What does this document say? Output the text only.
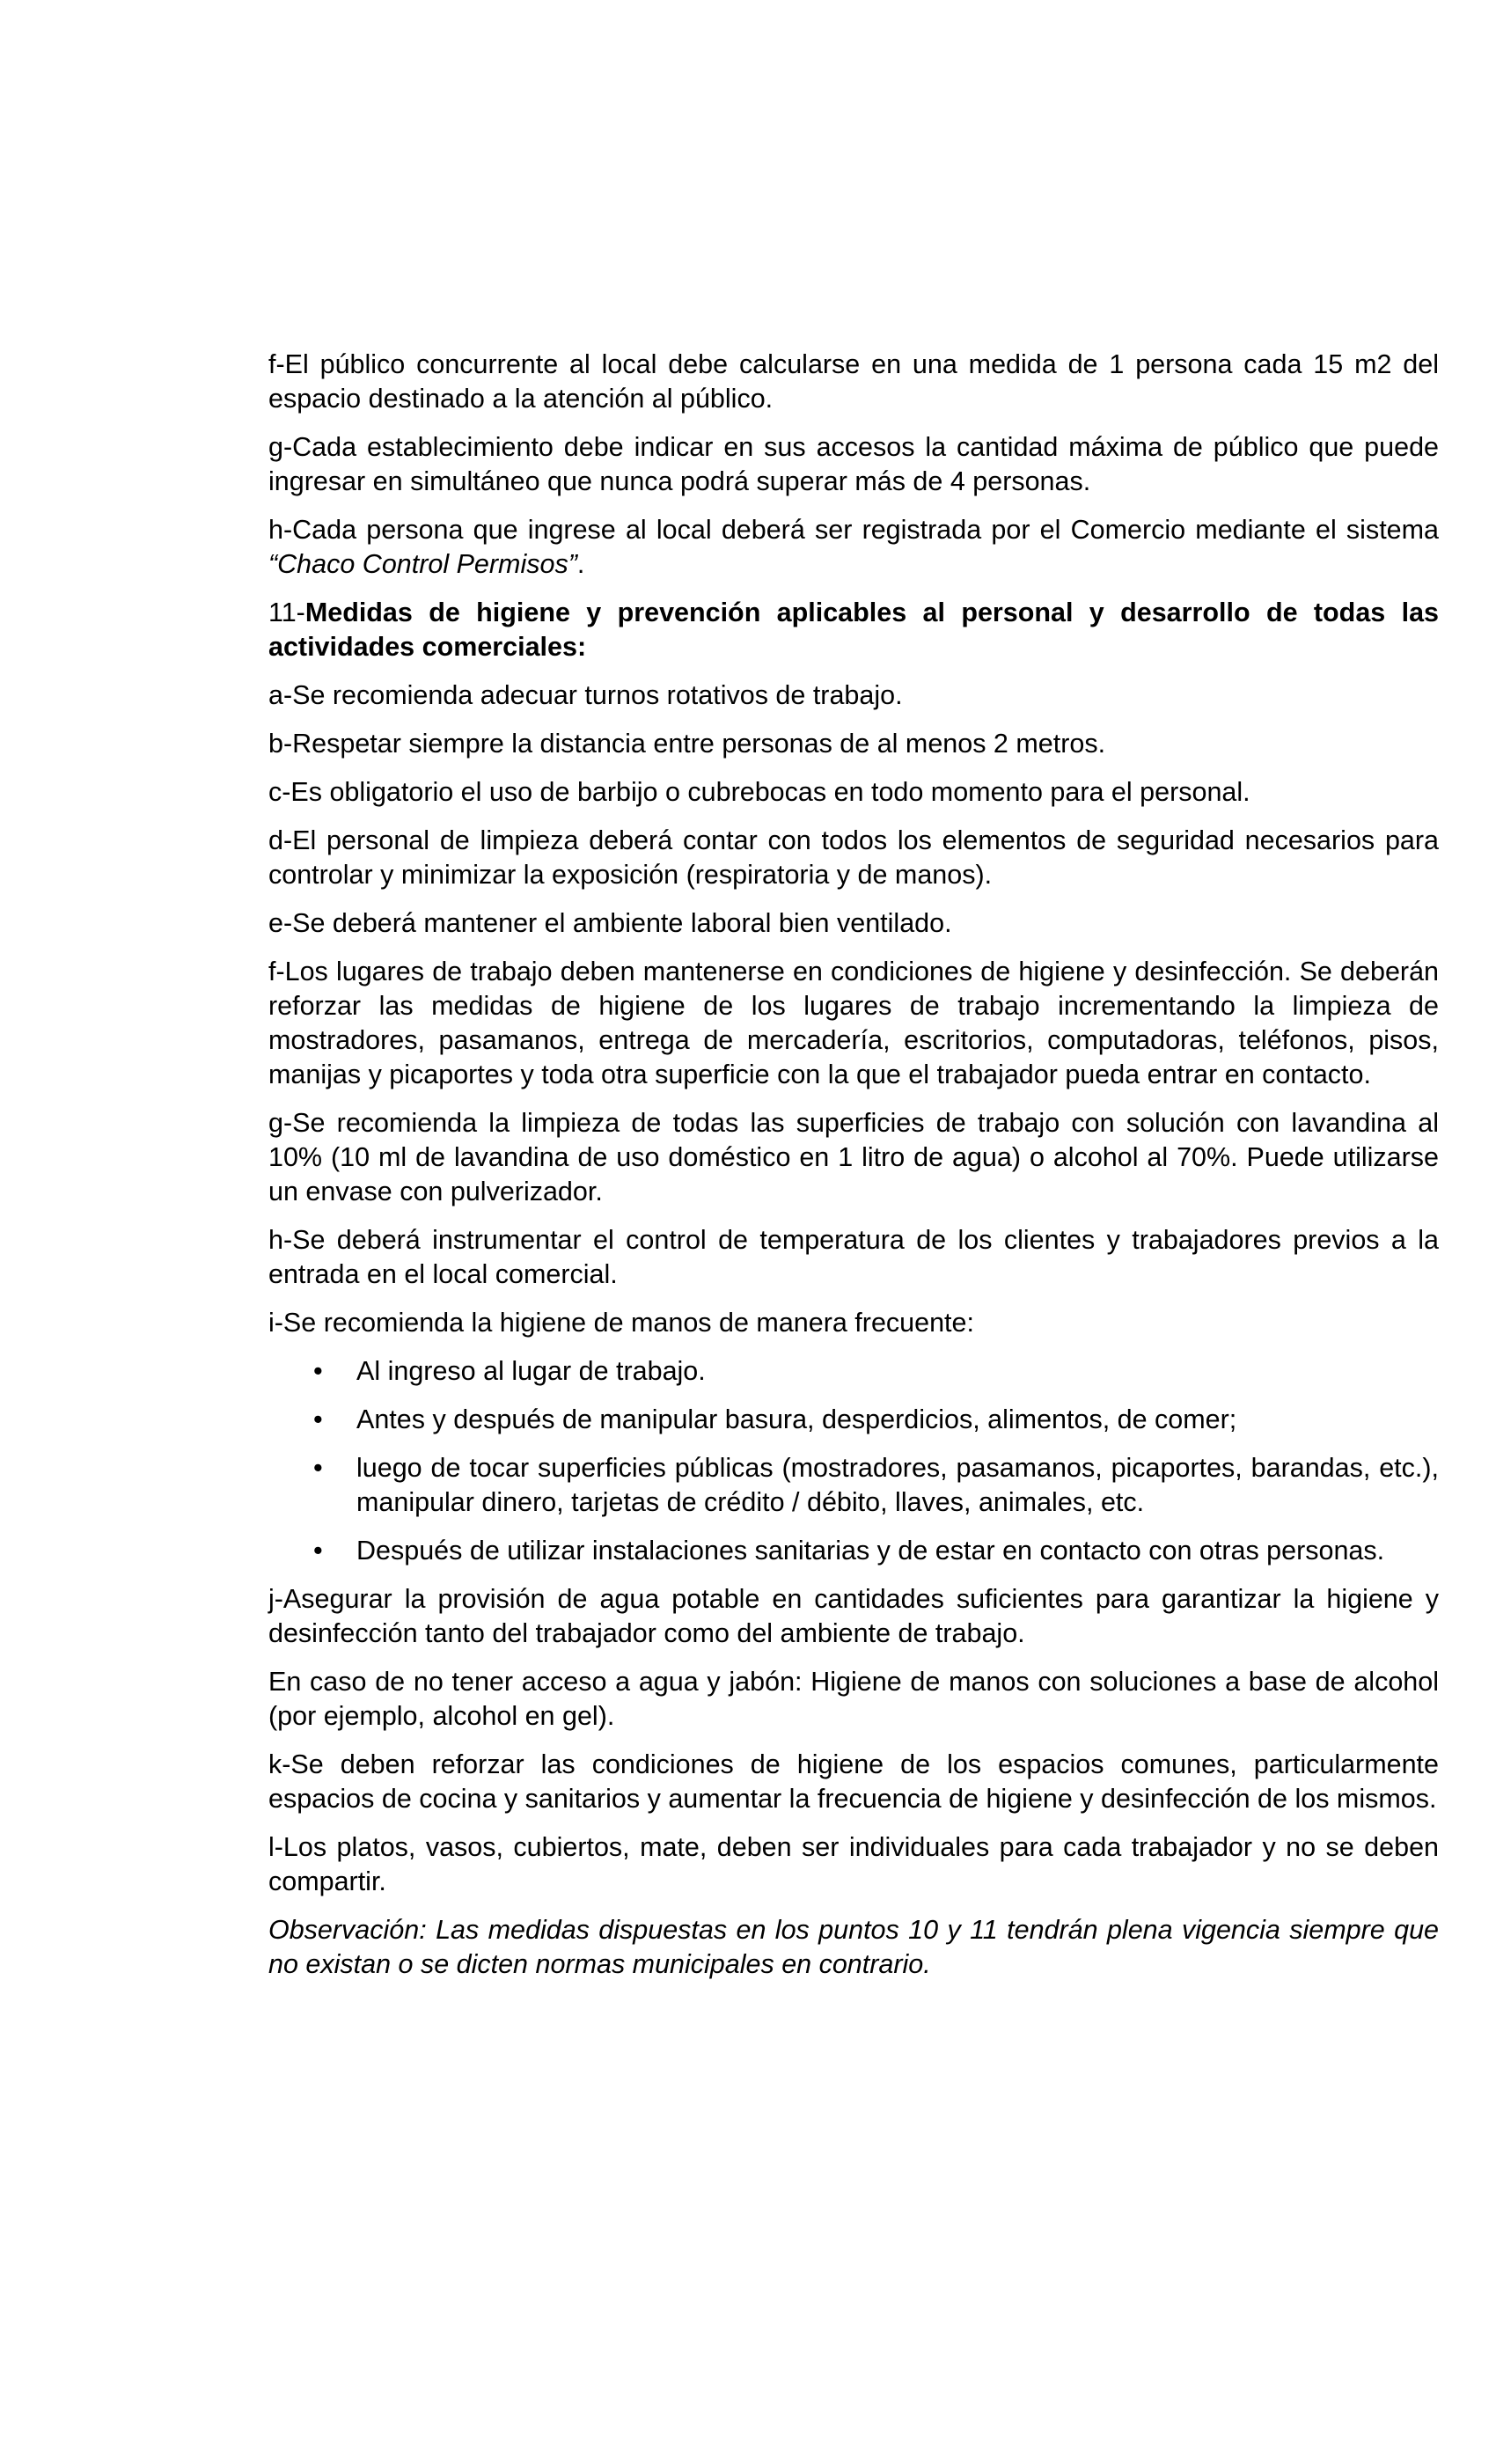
f-El público concurrente al local debe calcularse en una medida de 1 persona cada 15 m2 del espacio destinado a la atención al público.

g-Cada establecimiento debe indicar en sus accesos la cantidad máxima de público que puede ingresar en simultáneo que nunca podrá superar más de 4 personas.

h-Cada persona que ingrese al local deberá ser registrada por el Comercio mediante el sistema “Chaco Control Permisos”.

11-Medidas de higiene y prevención aplicables al personal y desarrollo de todas las actividades comerciales:

a-Se recomienda adecuar turnos rotativos de trabajo.

b-Respetar siempre la distancia entre personas de al menos 2 metros.

c-Es obligatorio el uso de barbijo o cubrebocas en todo momento para el personal.

d-El personal de limpieza deberá contar con todos los elementos de seguridad necesarios para controlar y minimizar la exposición (respiratoria y de manos).

e-Se deberá mantener el ambiente laboral bien ventilado.

f-Los lugares de trabajo deben mantenerse en condiciones de higiene y desinfección. Se deberán reforzar las medidas de higiene de los lugares de trabajo incrementando la limpieza de mostradores, pasamanos, entrega de mercadería, escritorios, computadoras, teléfonos, pisos, manijas y picaportes y toda otra superficie con la que el trabajador pueda entrar en contacto.

g-Se recomienda la limpieza de todas las superficies de trabajo con solución con lavandina al 10% (10 ml de lavandina de uso doméstico en 1 litro de agua) o alcohol al 70%. Puede utilizarse un envase con pulverizador.

h-Se deberá instrumentar el control de temperatura de los clientes y trabajadores previos a la entrada en el local comercial.

i-Se recomienda la higiene de manos de manera frecuente:

• Al ingreso al lugar de trabajo.
• Antes y después de manipular basura, desperdicios, alimentos, de comer;
• luego de tocar superficies públicas (mostradores, pasamanos, picaportes, barandas, etc.), manipular dinero, tarjetas de crédito / débito, llaves, animales, etc.
• Después de utilizar instalaciones sanitarias y de estar en contacto con otras personas.

j-Asegurar la provisión de agua potable en cantidades suficientes para garantizar la higiene y desinfección tanto del trabajador como del ambiente de trabajo.

En caso de no tener acceso a agua y jabón: Higiene de manos con soluciones a base de alcohol (por ejemplo, alcohol en gel).

k-Se deben reforzar las condiciones de higiene de los espacios comunes, particularmente espacios de cocina y sanitarios y aumentar la frecuencia de higiene y desinfección de los mismos.

l-Los platos, vasos, cubiertos, mate, deben ser individuales para cada trabajador y no se deben compartir.

Observación: Las medidas dispuestas en los puntos 10 y 11 tendrán plena vigencia siempre que no existan o se dicten normas municipales en contrario.
